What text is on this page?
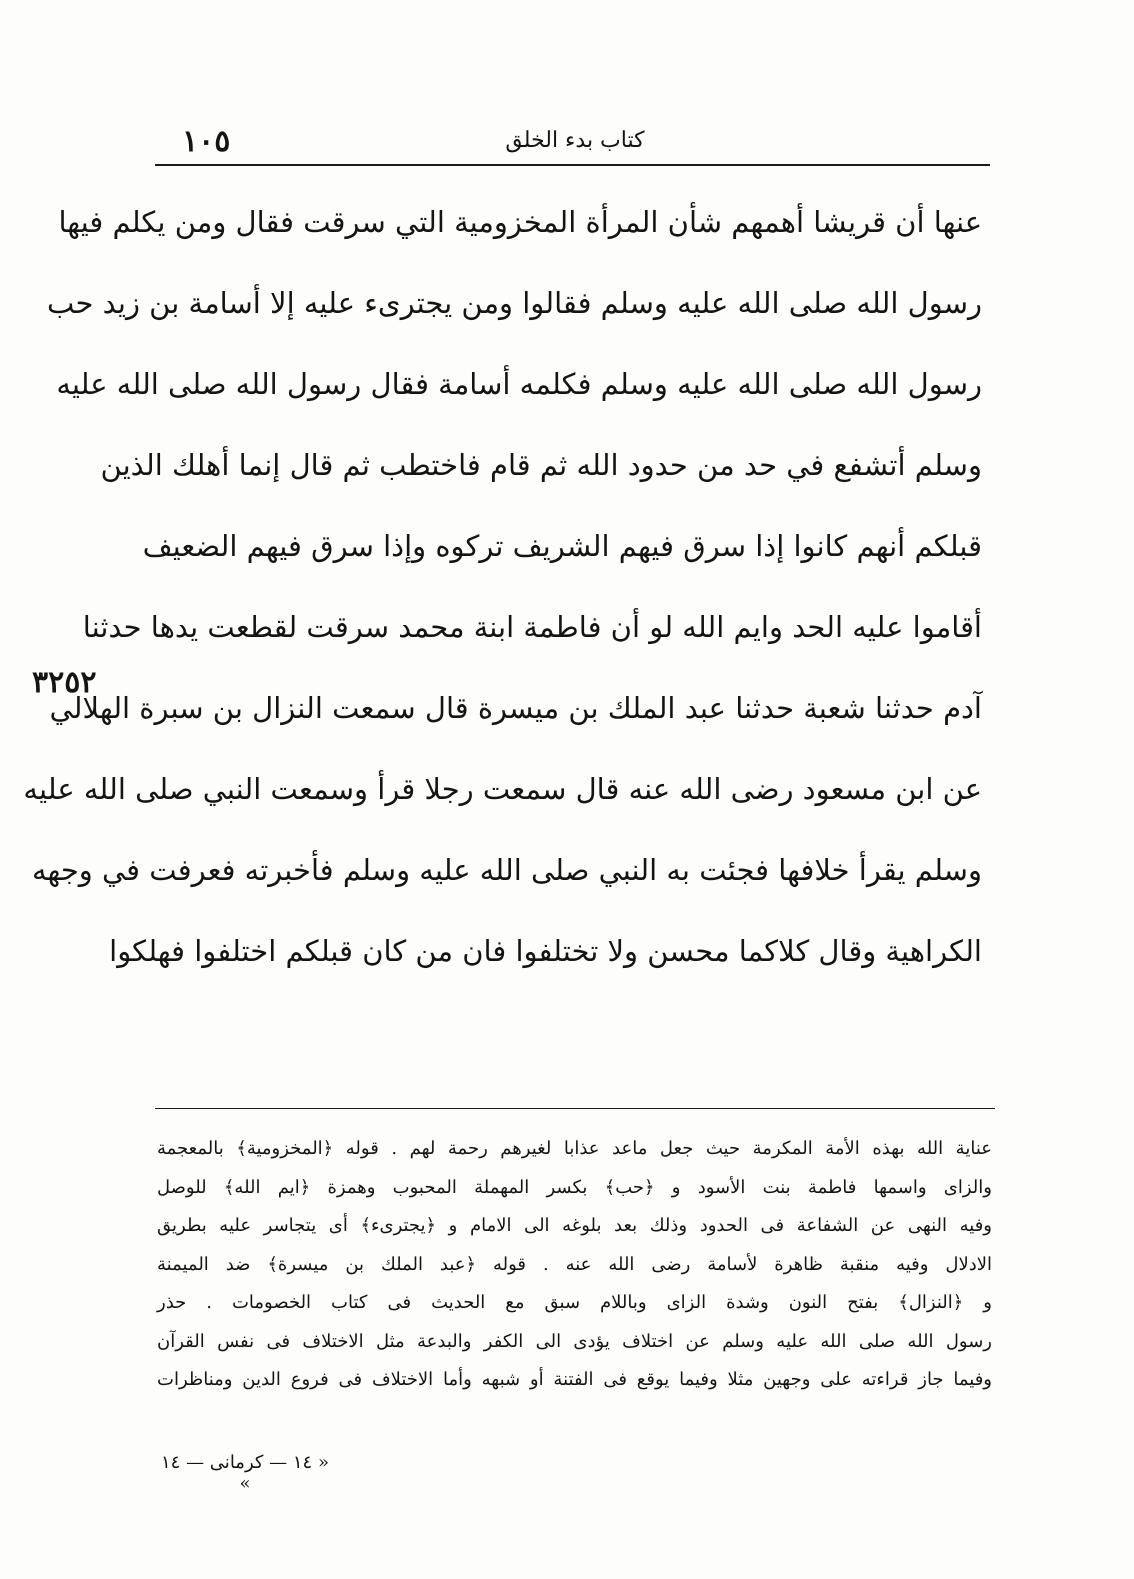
١٠٥	كتاب بدء الخلق
عنها أن قريشا أهمهم شأن المرأة المخزومية التي سرقت فقال ومن يكلم فيها
رسول الله صلى الله عليه وسلم فقالوا ومن يجترىء عليه إلا أسامة بن زيد حب
رسول الله صلى الله عليه وسلم فكلمه أسامة فقال رسول الله صلى الله عليه
وسلم أتشفع في حد من حدود الله ثم قام فاختطب ثم قال إنما أهلك الذين
قبلكم أنهم كانوا إذا سرق فيهم الشريف تركوه وإذا سرق فيهم الضعيف
أقاموا عليه الحد وايم الله لو أن فاطمة ابنة محمد سرقت لقطعت يدها حدثنا
آدم حدثنا شعبة حدثنا عبد الملك بن ميسرة قال سمعت النزال بن سبرة الهلالي
عن ابن مسعود رضى الله عنه قال سمعت رجلا قرأ وسمعت النبي صلى الله عليه
وسلم يقرأ خلافها فجئت به النبي صلى الله عليه وسلم فأخبرته فعرفت في وجهه
الكراهية وقال كلاكما محسن ولا تختلفوا فان من كان قبلكم اختلفوا فهلكوا
٣٢٥٢
عناية الله بهذه الأمة المكرمة حيث جعل ماعد عذابا لغيرهم رحمة لهم . قوله ﴿المخزومية﴾ بالمعجمة
والزاى واسمها فاطمة بنت الأسود و ﴿حب﴾ بكسر المهملة المحبوب وهمزة ﴿ايم الله﴾ للوصل
وفيه النهى عن الشفاعة فى الحدود وذلك بعد بلوغه الى الامام و ﴿يجترىء﴾ أى يتجاسر عليه بطريق
الادلال وفيه منقبة ظاهرة لأسامة رضى الله عنه . قوله ﴿عبد الملك بن ميسرة﴾ ضد الميمنة
و ﴿النزال﴾ بفتح النون وشدة الزاى وباللام سبق مع الحديث فى كتاب الخصومات . حذر
رسول الله صلى الله عليه وسلم عن اختلاف يؤدى الى الكفر والبدعة مثل الاختلاف فى نفس القرآن
وفيما جاز قراءته على وجهين مثلا وفيما يوقع فى الفتنة أو شبهه وأما الاختلاف فى فروع الدين ومناظرات
« ١٤ — كرمانى — ١٤ »
